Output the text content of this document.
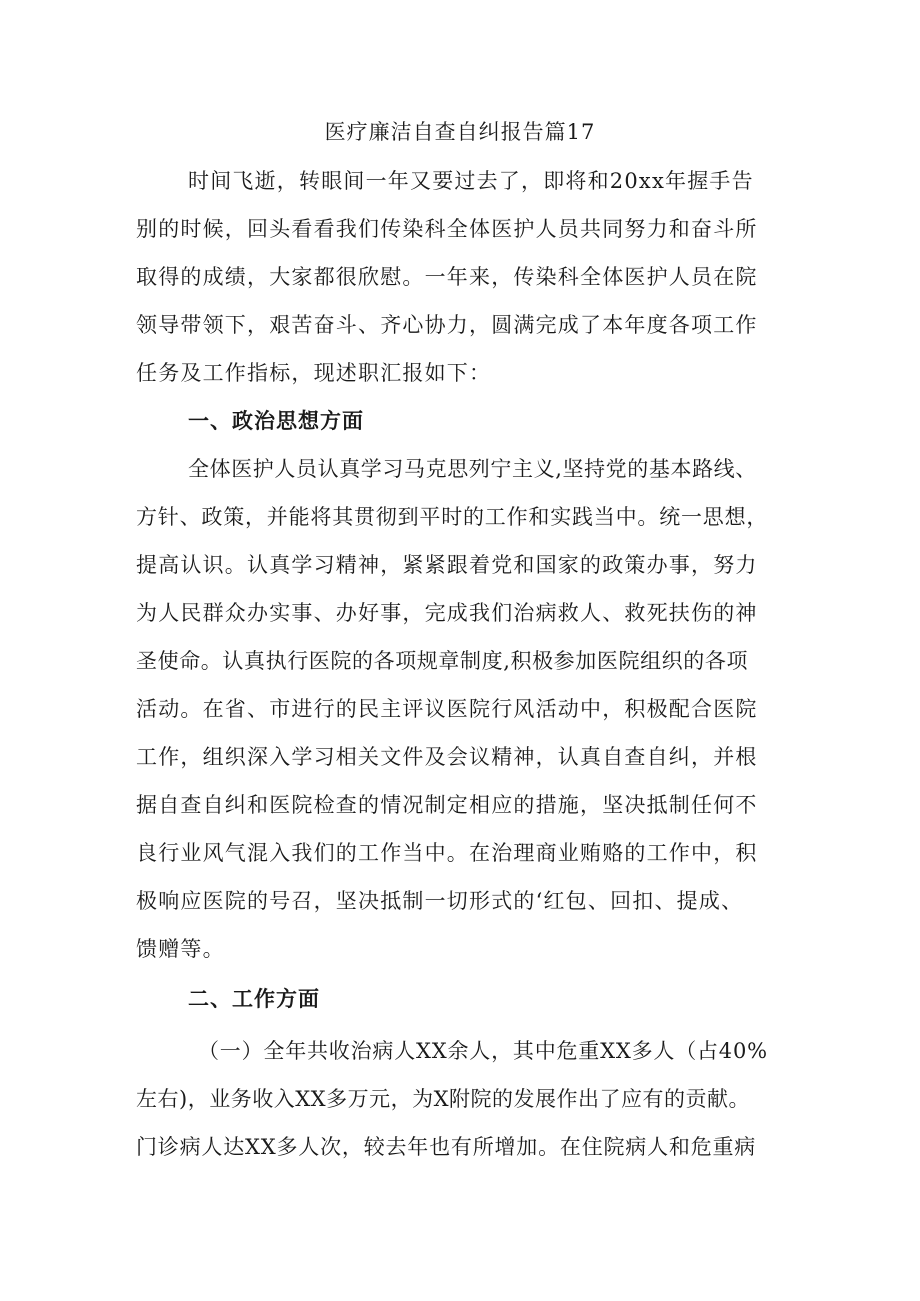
医疗廉洁自查自纠报告篇17
时间飞逝，转眼间一年又要过去了，即将和20xx年握手告
别的时候，回头看看我们传染科全体医护人员共同努力和奋斗所
取得的成绩，大家都很欣慰。一年来，传染科全体医护人员在院
领导带领下，艰苦奋斗、齐心协力，圆满完成了本年度各项工作
任务及工作指标，现述职汇报如下：
一、政治思想方面
全体医护人员认真学习马克思列宁主义,坚持党的基本路线、
方针、政策，并能将其贯彻到平时的工作和实践当中。统一思想，
提高认识。认真学习精神，紧紧跟着党和国家的政策办事，努力
为人民群众办实事、办好事，完成我们治病救人、救死扶伤的神
圣使命。认真执行医院的各项规章制度,积极参加医院组织的各项
活动。在省、市进行的民主评议医院行风活动中，积极配合医院
工作，组织深入学习相关文件及会议精神，认真自查自纠，并根
据自查自纠和医院检查的情况制定相应的措施，坚决抵制任何不
良行业风气混入我们的工作当中。在治理商业贿赂的工作中，积
极响应医院的号召，坚决抵制一切形式的‘红包、回扣、提成、
馈赠等。
二、工作方面
（一）全年共收治病人XX余人，其中危重XX多人（占40%
左右)，业务收入XX多万元，为X附院的发展作出了应有的贡献。
门诊病人达XX多人次，较去年也有所增加。在住院病人和危重病
